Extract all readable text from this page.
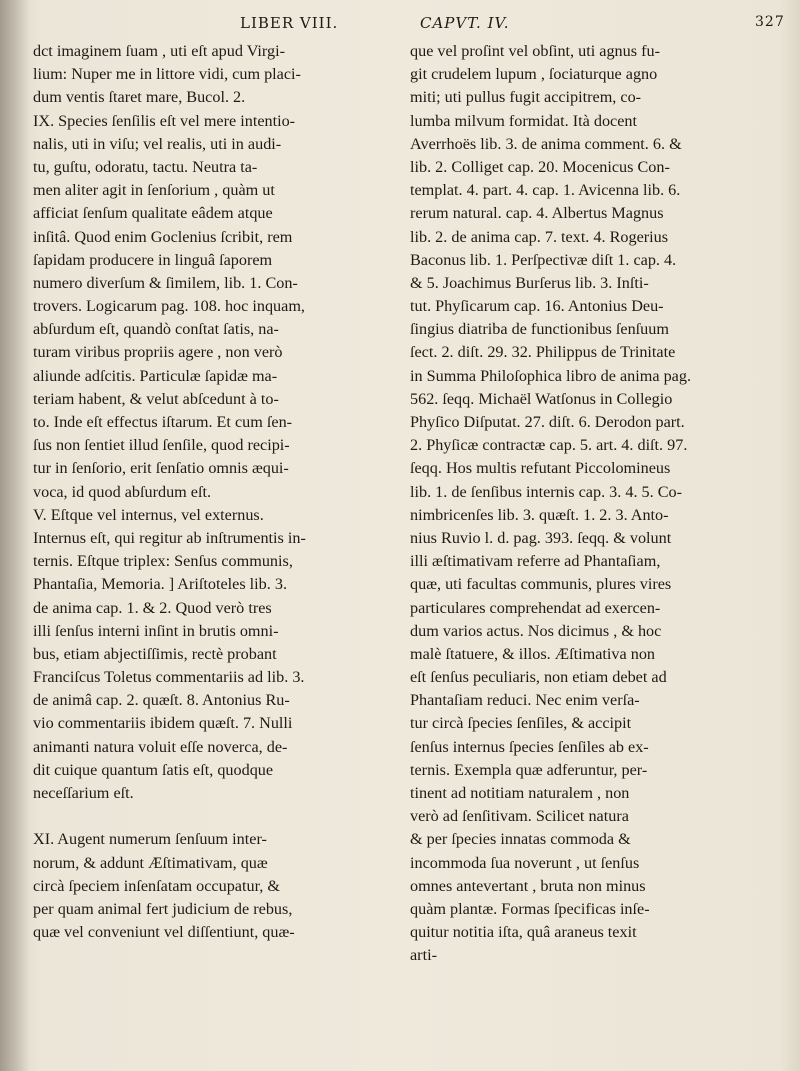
LIBER VIII.	CAPVT. IV.	327
dct imaginem ſuam , uti eſt apud Virgi-
lium: Nuper me in littore vidi, cum placi-
dum ventis ſtaret mare, Bucol. 2.
IX. Species ſenſilis eſt vel mere intentio-
nalis, uti in viſu; vel realis, uti in audi-
tu, guſtu, odoratu, tactu. Neutra ta-
men aliter agit in ſenſorium , quàm ut
afficiat ſenſum qualitate eâdem atque
inſitâ. Quod enim Goclenius ſcribit, rem
ſapidam producere in linguâ ſaporem
numero diverſum & ſimilem, lib. 1. Con-
trovers. Logicarum pag. 108. hoc inquam,
abſurdum eſt, quandò conſtat ſatis, na-
turam viribus propriis agere , non verò
aliunde adſcitis. Particulæ ſapidæ ma-
teriam habent, & velut abſcedunt à to-
to. Inde eſt effectus iſtarum. Et cum ſen-
ſus non ſentiet illud ſenſile, quod recipi-
tur in ſenſorio, erit ſenſatio omnis æqui-
voca, id quod abſurdum eſt.
V. Eſtque vel internus, vel externus.
Internus eſt, qui regitur ab inſtrumentis in-
ternis. Eſtque triplex: Senſus communis,
Phantaſia, Memoria. ] Ariſtoteles lib. 3.
de anima cap. 1. & 2. Quod verò tres
illi ſenſus interni inſint in brutis omni-
bus, etiam abjectiſſimis, rectè probant
Franciſcus Toletus commentariis ad lib. 3.
de animâ cap. 2. quæſt. 8. Antonius Ru-
vio commentariis ibidem quæſt. 7. Nulli
animanti natura voluit eſſe noverca, de-
dit cuique quantum ſatis eſt, quodque
neceſſarium eſt.
XI. Augent numerum ſenſuum inter-
norum, & addunt Æſtimativam, quæ
circà ſpeciem inſenſatam occupatur, &
per quam animal fert judicium de rebus,
quæ vel conveniunt vel diſſentiunt, quæ-
que vel proſint vel obſint, uti agnus fu-
git crudelem lupum , ſociaturque agno
miti; uti pullus fugit accipitrem, co-
lumba milvum formidat. Ità docent
Averrhoës lib. 3. de anima comment. 6. &
lib. 2. Colliget cap. 20. Mocenicus Con-
templat. 4. part. 4. cap. 1. Avicenna lib. 6.
rerum natural. cap. 4. Albertus Magnus
lib. 2. de anima cap. 7. text. 4. Rogerius
Baconus lib. 1. Perſpectivæ diſt 1. cap. 4.
& 5. Joachimus Burſerus lib. 3. Inſti-
tut. Phyſicarum cap. 16. Antonius Deu-
ſingius diatriba de functionibus ſenſuum
ſect. 2. diſt. 29. 32. Philippus de Trinitate
in Summa Philoſophica libro de anima pag.
562. ſeqq. Michaël Watſonus in Collegio
Phyſico Diſputat. 27. diſt. 6. Derodon part.
2. Phyſicæ contractæ cap. 5. art. 4. diſt. 97.
ſeqq. Hos multis refutant Piccolomineus
lib. 1. de ſenſibus internis cap. 3. 4. 5. Co-
nimbricenſes lib. 3. quæſt. 1. 2. 3. Anto-
nius Ruvio l. d. pag. 393. ſeqq. & volunt
illi æſtimativam referre ad Phantaſiam,
quæ, uti facultas communis, plures vires
particulares comprehendat ad exercen-
dum varios actus. Nos dicimus , & hoc
malè ſtatuere, & illos. Æſtimativa non
eſt ſenſus peculiaris, non etiam debet ad
Phantaſiam reduci. Nec enim verſa-
tur circà ſpecies ſenſiles, & accipit
ſenſus internus ſpecies ſenſiles ab ex-
ternis. Exempla quæ adferuntur, per-
tinent ad notitiam naturalem , non
verò ad ſenſitivam. Scilicet natura
& per ſpecies innatas commoda &
incommoda ſua noverunt , ut ſenſus
omnes antevertant , bruta non minus
quàm plantæ. Formas ſpecificas inſe-
quitur notitia iſta, quâ araneus texit
arti-
